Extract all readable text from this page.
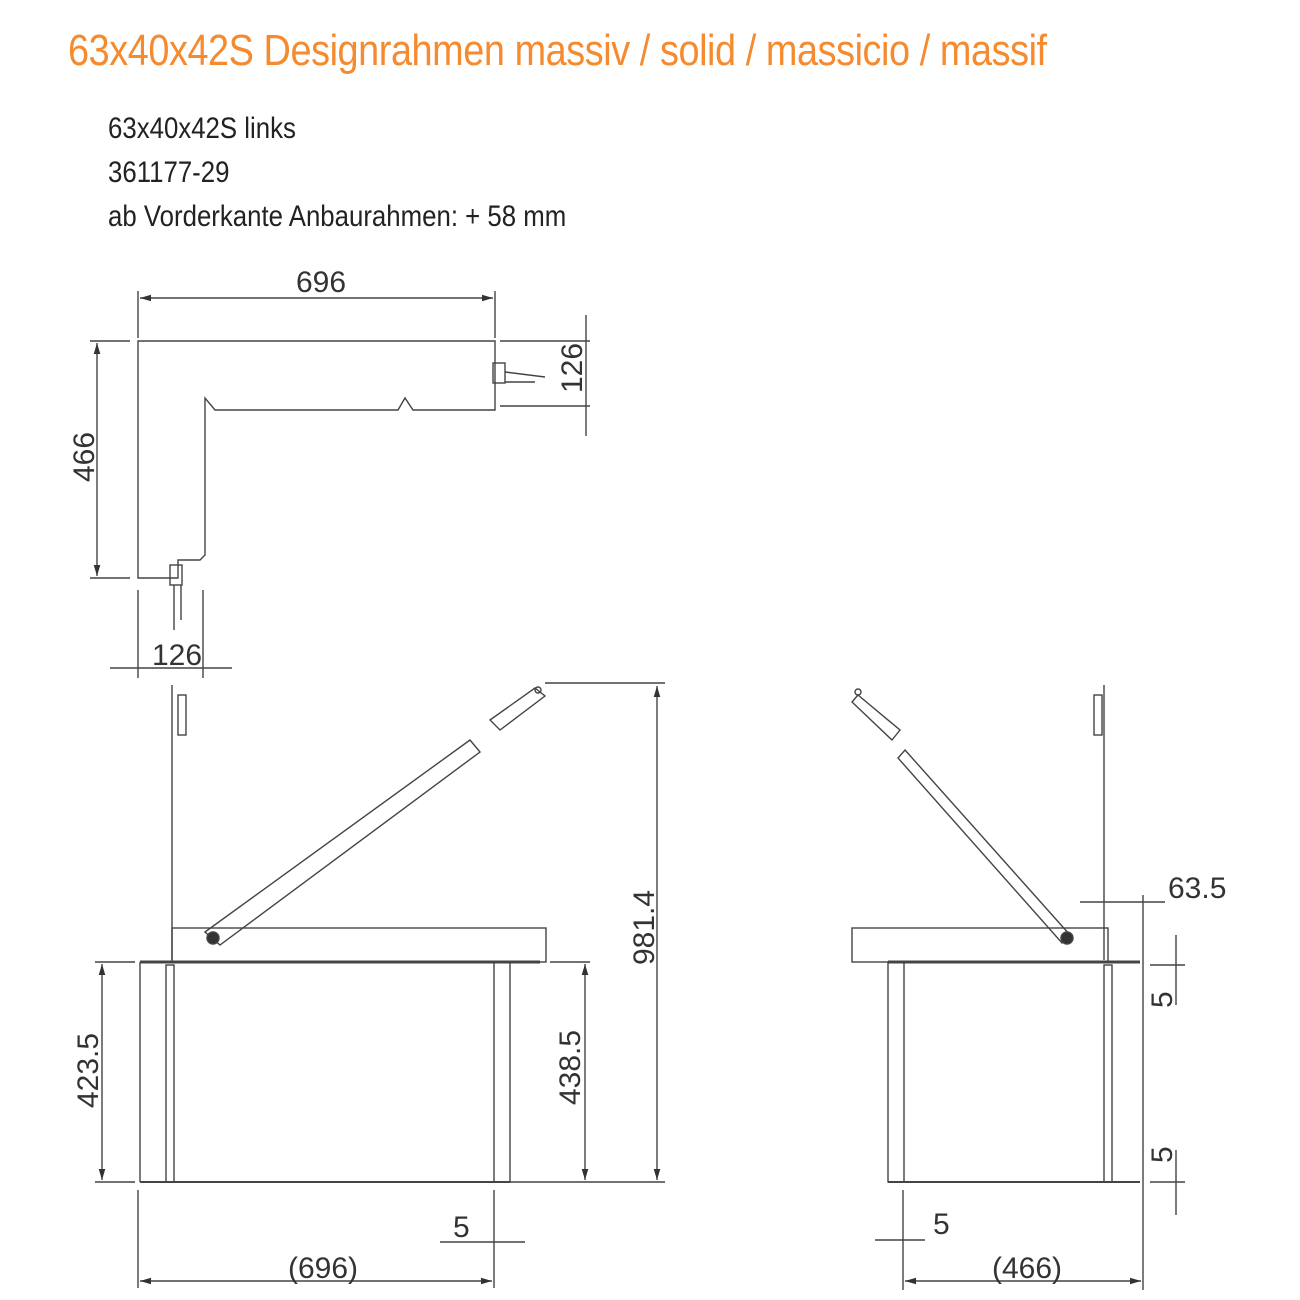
63x40x42S Designrahmen massiv / solid / massicio / massif
63x40x42S links
361177-29
ab Vorderkante Anbaurahmen: + 58 mm
696
466
126
126
981.4
423.5	438.5
5
(696)
63.5
5
5
5
(466)
